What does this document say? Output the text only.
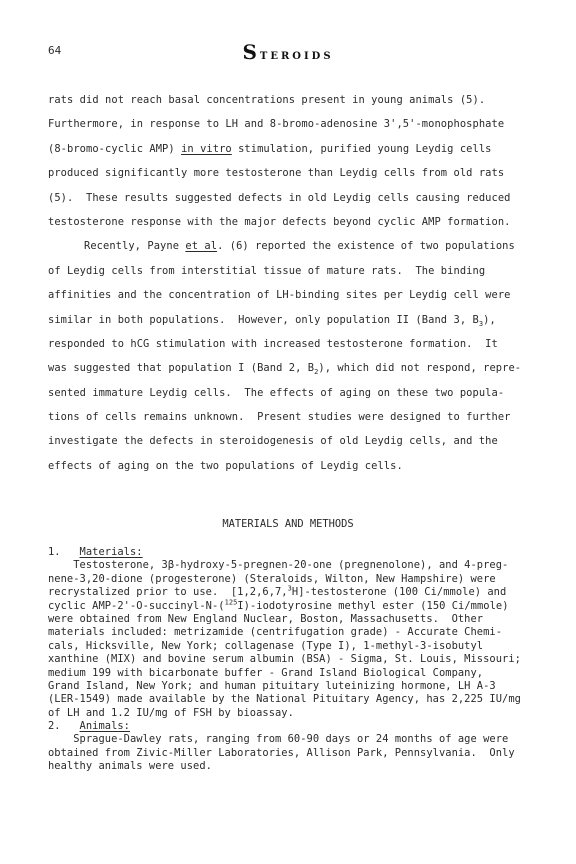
64	STEROIDS
rats did not reach basal concentrations present in young animals (5).
Furthermore, in response to LH and 8-bromo-adenosine 3',5'-monophosphate
(8-bromo-cyclic AMP) in vitro stimulation, purified young Leydig cells
produced significantly more testosterone than Leydig cells from old rats
(5).  These results suggested defects in old Leydig cells causing reduced
testosterone response with the major defects beyond cyclic AMP formation.
Recently, Payne et al. (6) reported the existence of two populations
of Leydig cells from interstitial tissue of mature rats.  The binding
affinities and the concentration of LH-binding sites per Leydig cell were
similar in both populations.  However, only population II (Band 3, $B_3$),
responded to hCG stimulation with increased testosterone formation.  It
was suggested that population I (Band 2, $B_2$), which did not respond, repre-
sented immature Leydig cells.  The effects of aging on these two popula-
tions of cells remains unknown.  Present studies were designed to further
investigate the defects in steroidogenesis of old Leydig cells, and the
effects of aging on the two populations of Leydig cells.
MATERIALS AND METHODS
1. Materials:
Testosterone, 3β-hydroxy-5-pregnen-20-one (pregnenolone), and 4-preg-
nene-3,20-dione (progesterone) (Steraloids, Wilton, New Hampshire) were
recrystalized prior to use.  [1,2,6,7,$^3$H]-testosterone (100 Ci/mmole) and
cyclic AMP-2'-O-succinyl-N-($^{125}$I)-iodotyrosine methyl ester (150 Ci/mmole)
were obtained from New England Nuclear, Boston, Massachusetts.  Other
materials included: metrizamide (centrifugation grade) - Accurate Chemi-
cals, Hicksville, New York; collagenase (Type I), 1-methyl-3-isobutyl
xanthine (MIX) and bovine serum albumin (BSA) - Sigma, St. Louis, Missouri;
medium 199 with bicarbonate buffer - Grand Island Biological Company,
Grand Island, New York; and human pituitary luteinizing hormone, LH A-3
(LER-1549) made available by the National Pituitary Agency, has 2,225 IU/mg
of LH and 1.2 IU/mg of FSH by bioassay.
2. Animals:
Sprague-Dawley rats, ranging from 60-90 days or 24 months of age were
obtained from Zivic-Miller Laboratories, Allison Park, Pennsylvania.  Only
healthy animals were used.
